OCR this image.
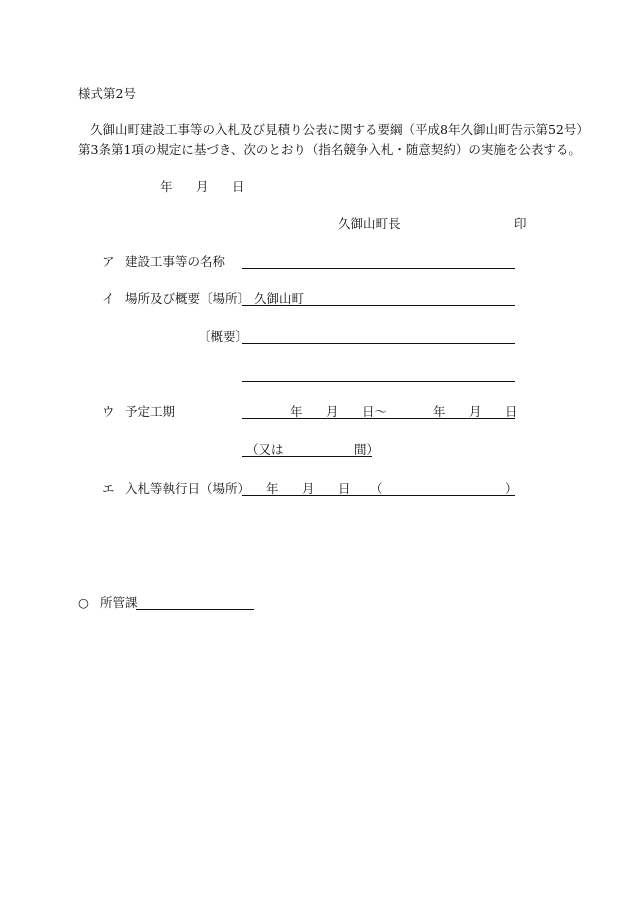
様式第2号
久御山町建設工事等の入札及び見積り公表に関する要綱（平成8年久御山町告示第52号）
第3条第1項の規定に基づき、次のとおり（指名競争入札・随意契約）の実施を公表する。
年 月 日
久御山町長	印
ア 建設工事等の名称
イ 場所及び概要〔場所〕 久御山町
〔概要〕
ウ 予定工期	年 月 日～	年 月 日
（又は	間）
エ 入札等執行日（場所） 年 月 日 （	）
○ 所管課
